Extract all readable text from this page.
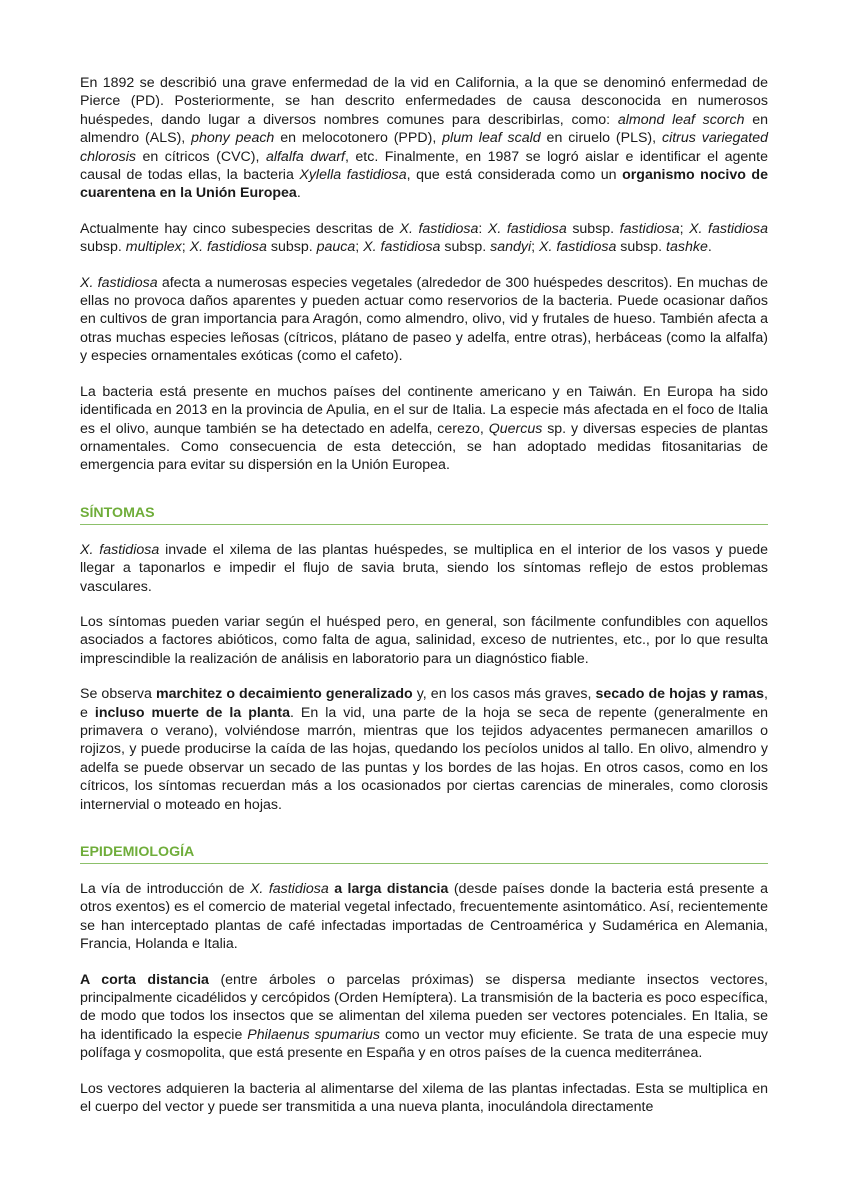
En 1892 se describió una grave enfermedad de la vid en California, a la que se denominó enfermedad de Pierce (PD). Posteriormente, se han descrito enfermedades de causa desconocida en numerosos huéspedes, dando lugar a diversos nombres comunes para describirlas, como: almond leaf scorch en almendro (ALS), phony peach en melocotonero (PPD), plum leaf scald en ciruelo (PLS), citrus variegated chlorosis en cítricos (CVC), alfalfa dwarf, etc. Finalmente, en 1987 se logró aislar e identificar el agente causal de todas ellas, la bacteria Xylella fastidiosa, que está considerada como un organismo nocivo de cuarentena en la Unión Europea.

Actualmente hay cinco subespecies descritas de X. fastidiosa: X. fastidiosa subsp. fastidiosa; X. fastidiosa subsp. multiplex; X. fastidiosa subsp. pauca; X. fastidiosa subsp. sandyi; X. fastidiosa subsp. tashke.

X. fastidiosa afecta a numerosas especies vegetales (alrededor de 300 huéspedes descritos). En muchas de ellas no provoca daños aparentes y pueden actuar como reservorios de la bacteria. Puede ocasionar daños en cultivos de gran importancia para Aragón, como almendro, olivo, vid y frutales de hueso. También afecta a otras muchas especies leñosas (cítricos, plátano de paseo y adelfa, entre otras), herbáceas (como la alfalfa) y especies ornamentales exóticas (como el cafeto).

La bacteria está presente en muchos países del continente americano y en Taiwán. En Europa ha sido identificada en 2013 en la provincia de Apulia, en el sur de Italia. La especie más afectada en el foco de Italia es el olivo, aunque también se ha detectado en adelfa, cerezo, Quercus sp. y diversas especies de plantas ornamentales. Como consecuencia de esta detección, se han adoptado medidas fitosanitarias de emergencia para evitar su dispersión en la Unión Europea.

SÍNTOMAS

X. fastidiosa invade el xilema de las plantas huéspedes, se multiplica en el interior de los vasos y puede llegar a taponarlos e impedir el flujo de savia bruta, siendo los síntomas reflejo de estos problemas vasculares.

Los síntomas pueden variar según el huésped pero, en general, son fácilmente confundibles con aquellos asociados a factores abióticos, como falta de agua, salinidad, exceso de nutrientes, etc., por lo que resulta imprescindible la realización de análisis en laboratorio para un diagnóstico fiable.

Se observa marchitez o decaimiento generalizado y, en los casos más graves, secado de hojas y ramas, e incluso muerte de la planta. En la vid, una parte de la hoja se seca de repente (generalmente en primavera o verano), volviéndose marrón, mientras que los tejidos adyacentes permanecen amarillos o rojizos, y puede producirse la caída de las hojas, quedando los pecíolos unidos al tallo. En olivo, almendro y adelfa se puede observar un secado de las puntas y los bordes de las hojas. En otros casos, como en los cítricos, los síntomas recuerdan más a los ocasionados por ciertas carencias de minerales, como clorosis internervial o moteado en hojas.

EPIDEMIOLOGÍA

La vía de introducción de X. fastidiosa a larga distancia (desde países donde la bacteria está presente a otros exentos) es el comercio de material vegetal infectado, frecuentemente asintomático. Así, recientemente se han interceptado plantas de café infectadas importadas de Centroamérica y Sudamérica en Alemania, Francia, Holanda e Italia.

A corta distancia (entre árboles o parcelas próximas) se dispersa mediante insectos vectores, principalmente cicadélidos y cercópidos (Orden Hemíptera). La transmisión de la bacteria es poco específica, de modo que todos los insectos que se alimentan del xilema pueden ser vectores potenciales. En Italia, se ha identificado la especie Philaenus spumarius como un vector muy eficiente. Se trata de una especie muy polífaga y cosmopolita, que está presente en España y en otros países de la cuenca mediterránea.

Los vectores adquieren la bacteria al alimentarse del xilema de las plantas infectadas. Esta se multiplica en el cuerpo del vector y puede ser transmitida a una nueva planta, inoculándola directamente
